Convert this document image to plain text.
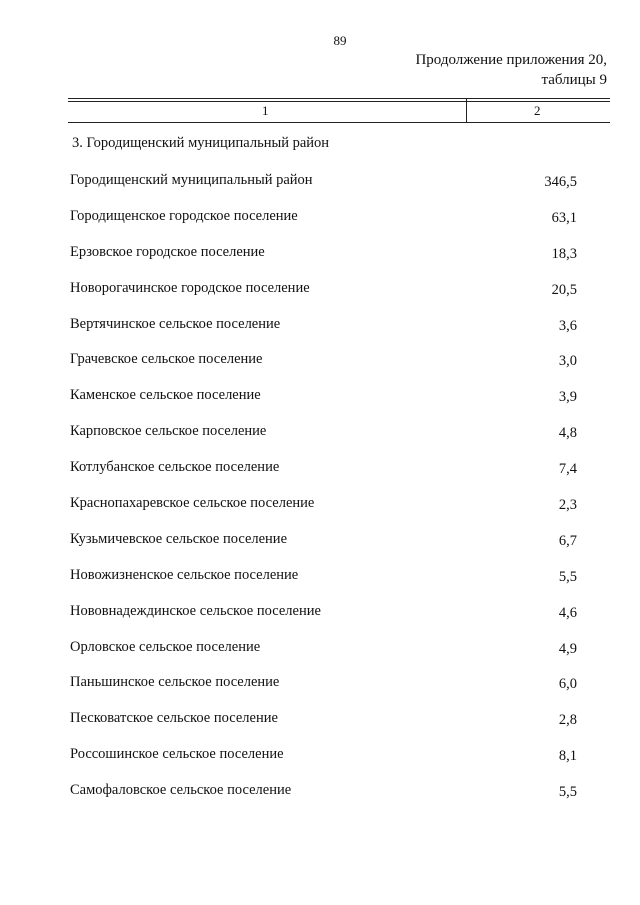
89
Продолжение приложения 20,
таблицы 9
1	2
3. Городищенский муниципальный район
Городищенский муниципальный район	346,5
Городищенское городское поселение	63,1
Ерзовское городское поселение	18,3
Новорогачинское городское поселение	20,5
Вертячинское сельское поселение	3,6
Грачевское сельское поселение	3,0
Каменское сельское поселение	3,9
Карповское сельское поселение	4,8
Котлубанское сельское поселение	7,4
Краснопахаревское сельское поселение	2,3
Кузьмичевское сельское поселение	6,7
Новожизненское сельское поселение	5,5
Нововнадеждинское сельское поселение	4,6
Орловское сельское поселение	4,9
Паньшинское сельское поселение	6,0
Песковатское сельское поселение	2,8
Россошинское сельское поселение	8,1
Самофаловское сельское поселение	5,5
